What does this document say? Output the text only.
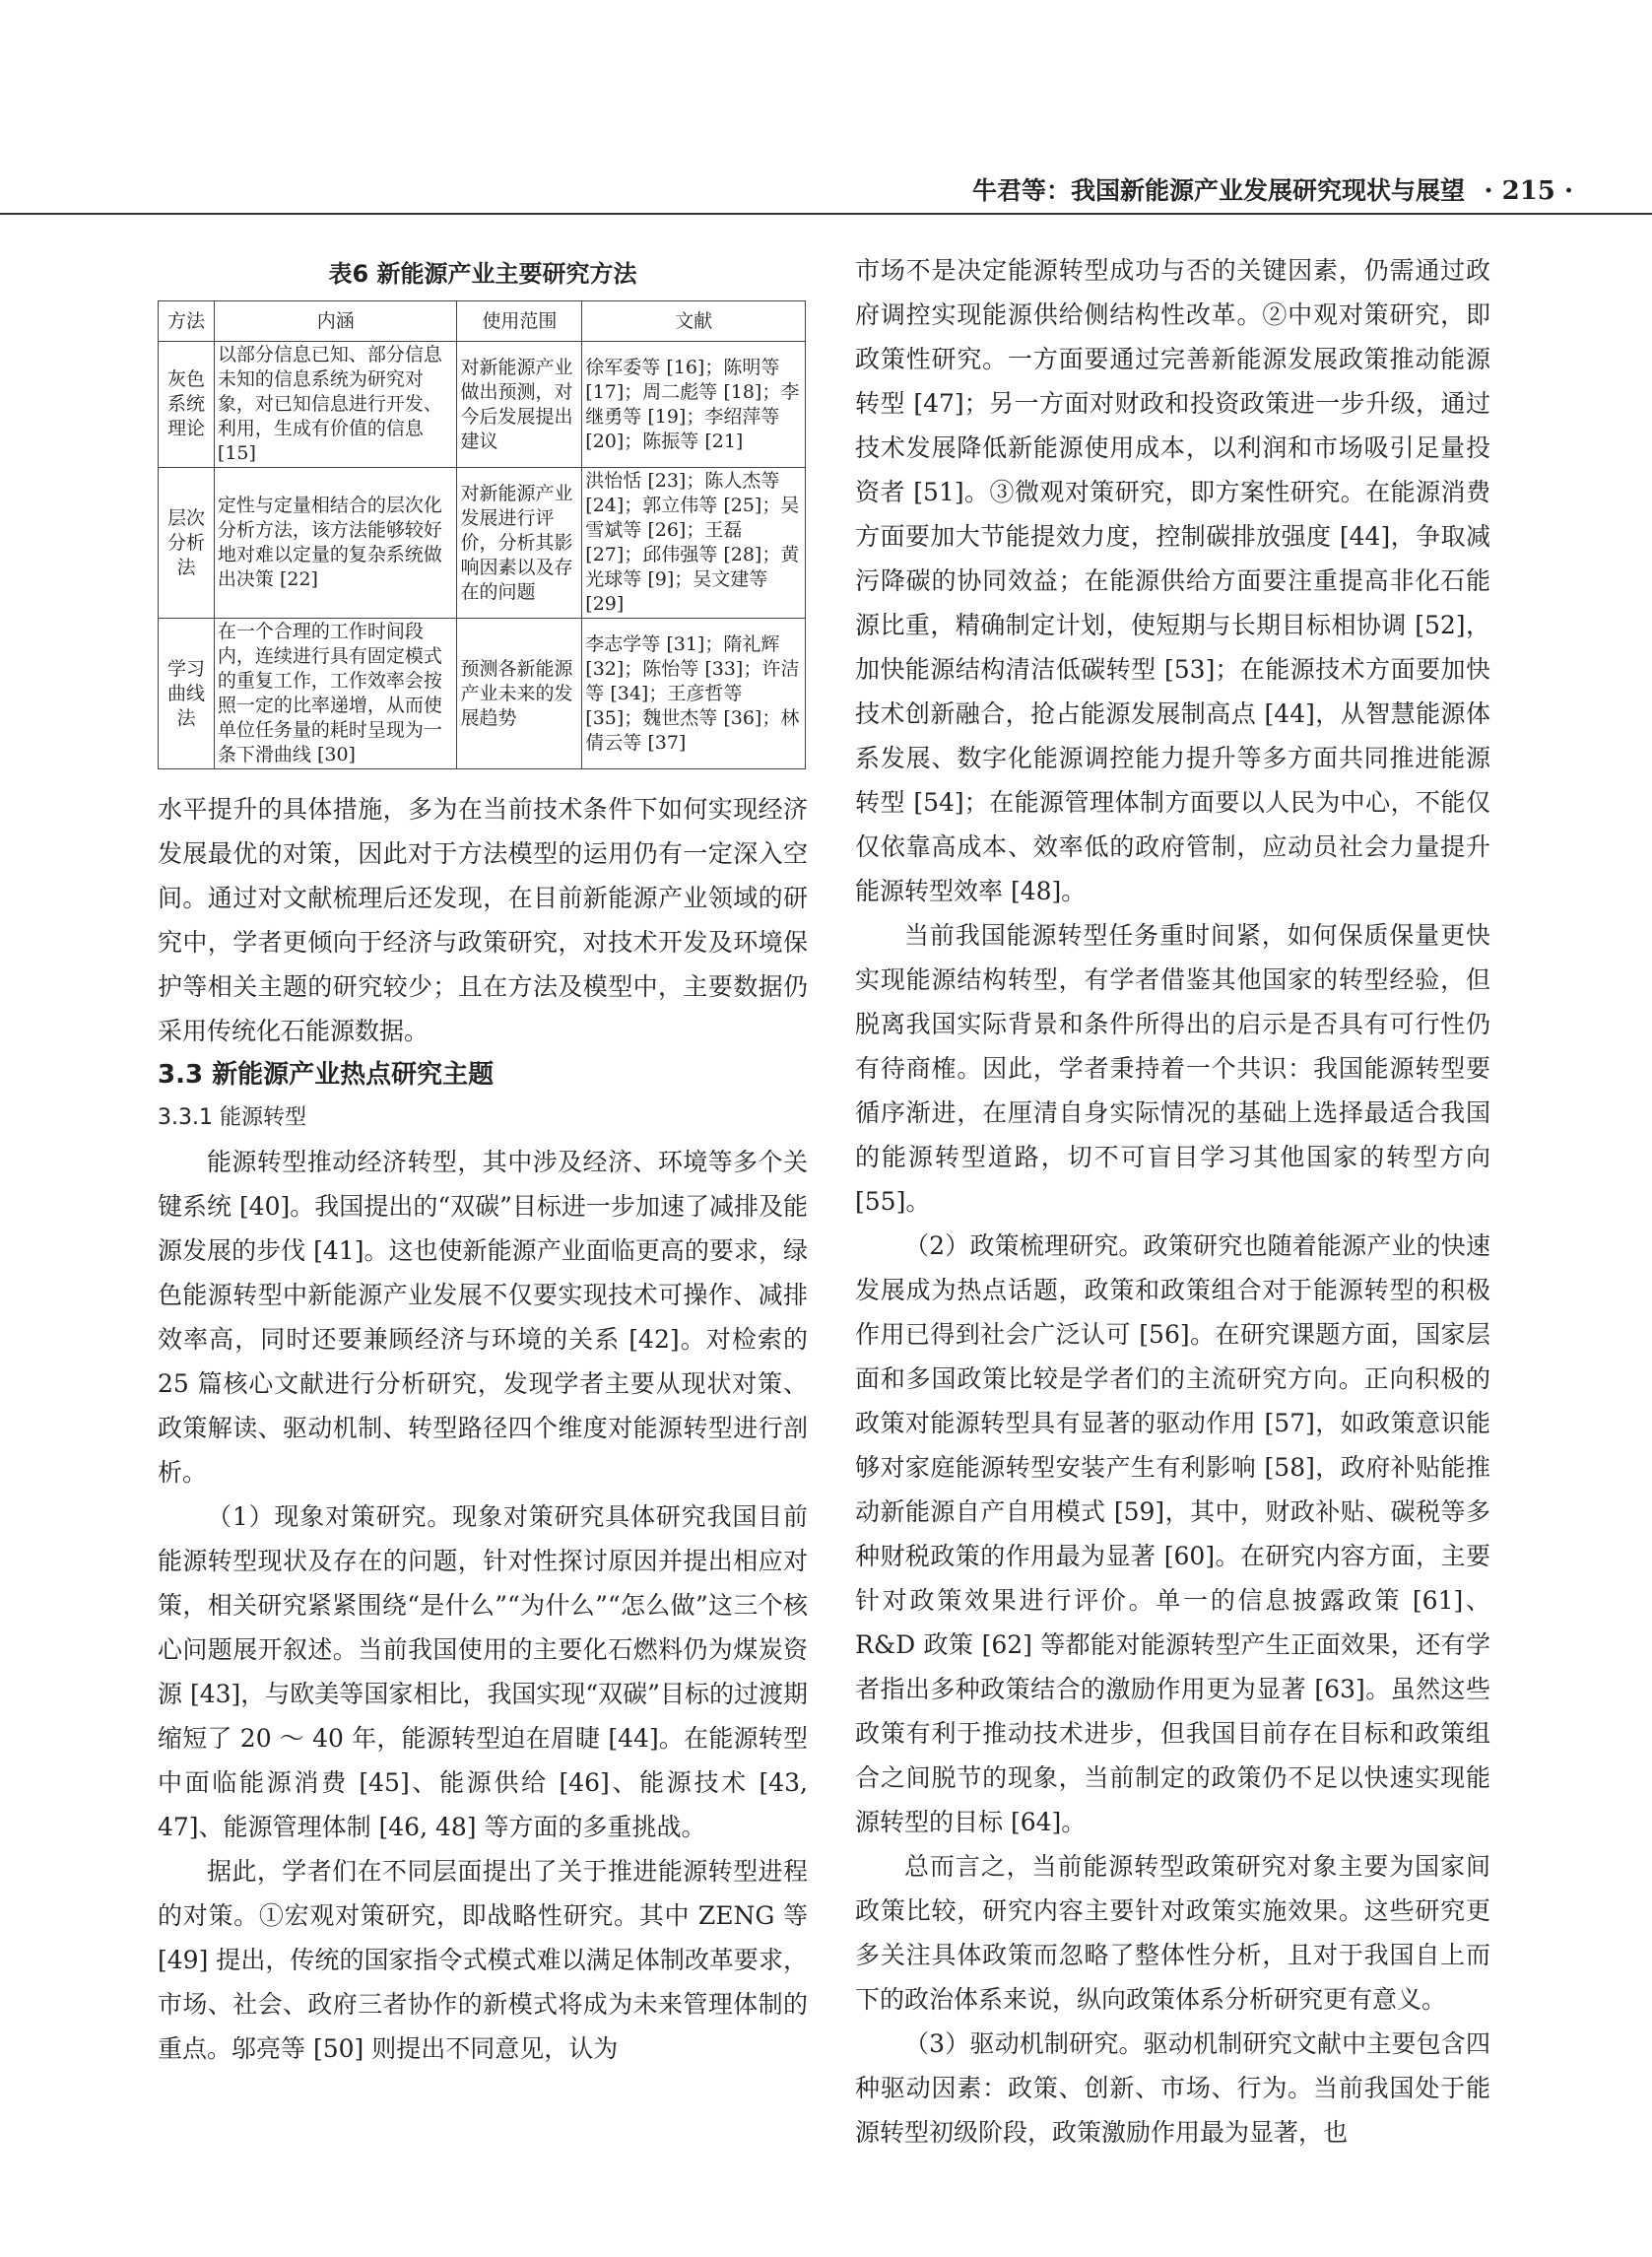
牛君等：我国新能源产业发展研究现状与展望 · 215 ·
表6 新能源产业主要研究方法
方法	内涵	使用范围	文献
灰色系统理论	以部分信息已知、部分信息未知的信息系统为研究对象，对已知信息进行开发、利用，生成有价值的信息 [15]	对新能源产业做出预测，对今后发展提出建议	徐军委等 [16]；陈明等 [17]；周二彪等 [18]；李继勇等 [19]；李绍萍等 [20]；陈振等 [21]
层次分析法	定性与定量相结合的层次化分析方法，该方法能够较好地对难以定量的复杂系统做出决策 [22]	对新能源产业发展进行评价，分析其影响因素以及存在的问题	洪怡恬 [23]；陈人杰等 [24]；郭立伟等 [25]；吴雪斌等 [26]；王磊 [27]；邱伟强等 [28]；黄光球等 [9]；吴文建等 [29]
学习曲线法	在一个合理的工作时间段内，连续进行具有固定模式的重复工作，工作效率会按照一定的比率递增，从而使单位任务量的耗时呈现为一条下滑曲线 [30]	预测各新能源产业未来的发展趋势	李志学等 [31]；隋礼辉 [32]；陈怡等 [33]；许洁等 [34]；王彦哲等 [35]；魏世杰等 [36]；林倩云等 [37]

水平提升的具体措施，多为在当前技术条件下如何实现经济发展最优的对策，因此对于方法模型的运用仍有一定深入空间。通过对文献梳理后还发现，在目前新能源产业领域的研究中，学者更倾向于经济与政策研究，对技术开发及环境保护等相关主题的研究较少；且在方法及模型中，主要数据仍采用传统化石能源数据。

3.3 新能源产业热点研究主题
3.3.1 能源转型

能源转型推动经济转型，其中涉及经济、环境等多个关键系统 [40]。我国提出的“双碳”目标进一步加速了减排及能源发展的步伐 [41]。这也使新能源产业面临更高的要求，绿色能源转型中新能源产业发展不仅要实现技术可操作、减排效率高，同时还要兼顾经济与环境的关系 [42]。对检索的 25 篇核心文献进行分析研究，发现学者主要从现状对策、政策解读、驱动机制、转型路径四个维度对能源转型进行剖析。

（1）现象对策研究。现象对策研究具体研究我国目前能源转型现状及存在的问题，针对性探讨原因并提出相应对策，相关研究紧紧围绕“是什么”“为什么”“怎么做”这三个核心问题展开叙述。当前我国使用的主要化石燃料仍为煤炭资源 [43]，与欧美等国家相比，我国实现“双碳”目标的过渡期缩短了 20 ～ 40 年，能源转型迫在眉睫 [44]。在能源转型中面临能源消费 [45]、能源供给 [46]、能源技术 [43, 47]、能源管理体制 [46, 48] 等方面的多重挑战。

据此，学者们在不同层面提出了关于推进能源转型进程的对策。①宏观对策研究，即战略性研究。其中 ZENG 等 [49] 提出，传统的国家指令式模式难以满足体制改革要求，市场、社会、政府三者协作的新模式将成为未来管理体制的重点。邬亮等 [50] 则提出不同意见，认为

市场不是决定能源转型成功与否的关键因素，仍需通过政府调控实现能源供给侧结构性改革。②中观对策研究，即政策性研究。一方面要通过完善新能源发展政策推动能源转型 [47]；另一方面对财政和投资政策进一步升级，通过技术发展降低新能源使用成本，以利润和市场吸引足量投资者 [51]。③微观对策研究，即方案性研究。在能源消费方面要加大节能提效力度，控制碳排放强度 [44]，争取减污降碳的协同效益；在能源供给方面要注重提高非化石能源比重，精确制定计划，使短期与长期目标相协调 [52]，加快能源结构清洁低碳转型 [53]；在能源技术方面要加快技术创新融合，抢占能源发展制高点 [44]，从智慧能源体系发展、数字化能源调控能力提升等多方面共同推进能源转型 [54]；在能源管理体制方面要以人民为中心，不能仅仅依靠高成本、效率低的政府管制，应动员社会力量提升能源转型效率 [48]。

当前我国能源转型任务重时间紧，如何保质保量更快实现能源结构转型，有学者借鉴其他国家的转型经验，但脱离我国实际背景和条件所得出的启示是否具有可行性仍有待商榷。因此，学者秉持着一个共识：我国能源转型要循序渐进，在厘清自身实际情况的基础上选择最适合我国的能源转型道路，切不可盲目学习其他国家的转型方向 [55]。

（2）政策梳理研究。政策研究也随着能源产业的快速发展成为热点话题，政策和政策组合对于能源转型的积极作用已得到社会广泛认可 [56]。在研究课题方面，国家层面和多国政策比较是学者们的主流研究方向。正向积极的政策对能源转型具有显著的驱动作用 [57]，如政策意识能够对家庭能源转型安装产生有利影响 [58]，政府补贴能推动新能源自产自用模式 [59]，其中，财政补贴、碳税等多种财税政策的作用最为显著 [60]。在研究内容方面，主要针对政策效果进行评价。单一的信息披露政策 [61]、R&D 政策 [62] 等都能对能源转型产生正面效果，还有学者指出多种政策结合的激励作用更为显著 [63]。虽然这些政策有利于推动技术进步，但我国目前存在目标和政策组合之间脱节的现象，当前制定的政策仍不足以快速实现能源转型的目标 [64]。

总而言之，当前能源转型政策研究对象主要为国家间政策比较，研究内容主要针对政策实施效果。这些研究更多关注具体政策而忽略了整体性分析，且对于我国自上而下的政治体系来说，纵向政策体系分析研究更有意义。

（3）驱动机制研究。驱动机制研究文献中主要包含四种驱动因素：政策、创新、市场、行为。当前我国处于能源转型初级阶段，政策激励作用最为显著，也
